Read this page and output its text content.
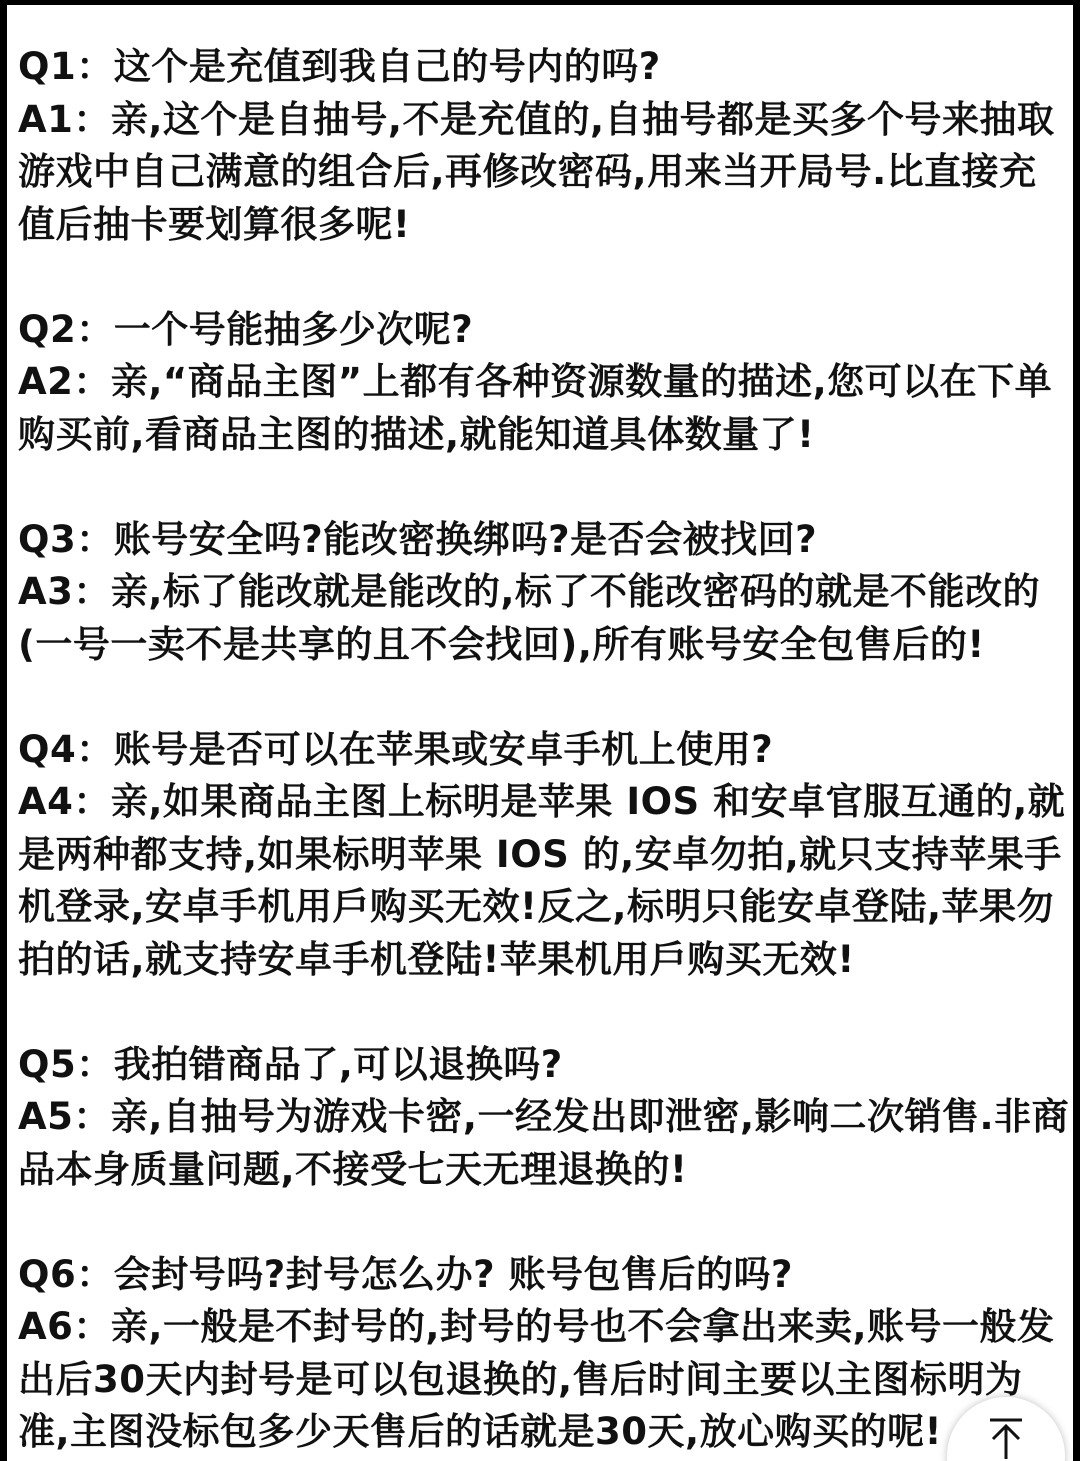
Q1：这个是充值到我自己的号内的吗?

A1：亲,这个是自抽号,不是充值的,自抽号都是买多个号来抽取游戏中自己满意的组合后,再修改密码,用来当开局号.比直接充值后抽卡要划算很多呢!

Q2：一个号能抽多少次呢?

A2：亲,“商品主图”上都有各种资源数量的描述,您可以在下单购买前,看商品主图的描述,就能知道具体数量了!

Q3：账号安全吗?能改密换绑吗?是否会被找回?

A3：亲,标了能改就是能改的,标了不能改密码的就是不能改的(一号一卖不是共享的且不会找回),所有账号安全包售后的!

Q4：账号是否可以在苹果或安卓手机上使用?

A4：亲,如果商品主图上标明是苹果 IOS 和安卓官服互通的,就是两种都支持,如果标明苹果 IOS 的,安卓勿拍,就只支持苹果手机登录,安卓手机用戶购买无效!反之,标明只能安卓登陆,苹果勿拍的话,就支持安卓手机登陆!苹果机用戶购买无效!

Q5：我拍错商品了,可以退换吗?

A5：亲,自抽号为游戏卡密,一经发出即泄密,影响二次销售.非商品本身质量问题,不接受七天无理退换的!

Q6：会封号吗?封号怎么办? 账号包售后的吗?

A6：亲,一般是不封号的,封号的号也不会拿出来卖,账号一般发出后30天内封号是可以包退换的,售后时间主要以主图标明为准,主图没标包多少天售后的话就是30天,放心购买的呢!
